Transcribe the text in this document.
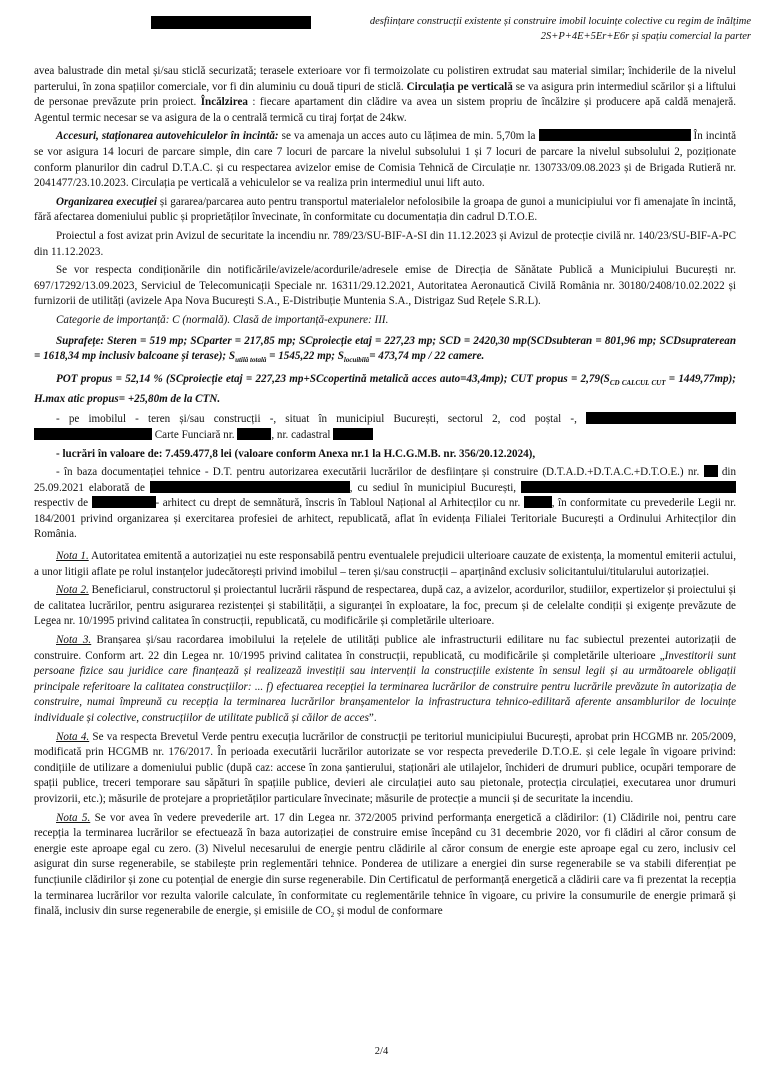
desființare construcții existente și construire imobil locuințe colective cu regim de înălțime
2S+P+4E+5Er+E6r și spațiu comercial la parter

avea balustrade din metal și/sau sticlă securizată; terasele exterioare vor fi termoizolate cu polistiren extrudat sau material similar; închiderile de la nivelul parterului, în zona spațiilor comerciale, vor fi din aluminiu cu două tipuri de sticlă. Circulația pe verticală se va asigura prin intermediul scărilor și a liftului de personae prevăzute prin proiect. Încălzirea : fiecare apartament din clădire va avea un sistem propriu de încălzire și producere apă caldă menajeră. Agentul termic necesar se va asigura de la o centrală termică cu tiraj forțat de 24kw.

Accesuri, staționarea autovehiculelor în incintă: se va amenaja un acces auto cu lățimea de min. 5,70m la	În incintă se vor asigura 14 locuri de parcare simple, din care 7 locuri de parcare la nivelul subsolului 1 și 7 locuri de parcare la nivelul subsolului 2, poziționate conform planurilor din cadrul D.T.A.C. și cu respectarea avizelor emise de Comisia Tehnică de Circulație nr. 130733/09.08.2023 și de Brigada Rutieră nr. 2041477/23.10.2023. Circulația pe verticală a vehiculelor se va realiza prin intermediul unui lift auto.

Organizarea execuției și gararea/parcarea auto pentru transportul materialelor nefolosibile la groapa de gunoi a municipiului vor fi amenajate în incintă, fără afectarea domeniului public și proprietăților învecinate, în conformitate cu documentația din cadrul D.T.O.E.

Proiectul a fost avizat prin Avizul de securitate la incendiu nr. 789/23/SU-BIF-A-SI din 11.12.2023 și Avizul de protecție civilă nr. 140/23/SU-BIF-A-PC din 11.12.2023.

Se vor respecta condiționările din notificările/avizele/acordurile/adresele emise de Direcția de Sănătate Publică a Municipiului București nr. 697/17292/13.09.2023, Serviciul de Telecomunicații Speciale nr. 16311/29.12.2021, Autoritatea Aeronautică Civilă România nr. 30180/2408/10.02.2022 și furnizorii de utilități (avizele Apa Nova București S.A., E-Distribuție Muntenia S.A., Distrigaz Sud Rețele S.R.L).

Categorie de importanță: C (normală). Clasă de importanță-expunere: III.

Suprafețe: Steren = 519 mp; SCparter = 217,85 mp; SCproiecție etaj = 227,23 mp; SCD = 2420,30 mp(SCDsubteran = 801,96 mp; SCDsupraterean = 1618,34 mp inclusiv balcoane și terase); $S_{utilă totală} = 1545,22$ mp; $S_{locuibilă}= 473,74$ mp / 22 camere.

POT propus = 52,14 % (SCproiecție etaj = 227,23 mp+SCcopertină metalică acces auto=43,4mp); CUT propus = $2,79(S_{CD CALCUL CUT} = 1449,77mp)$; H.max atic propus= +25,80m de la CTN.

- pe imobilul - teren și/sau construcții -, situat în municipiul București, sectorul 2, cod poștal -,   Carte Funciară nr.	, nr. cadastral

- lucrări în valoare de: 7.459.477,8 lei (valoare conform Anexa nr.1 la H.C.G.M.B. nr. 356/20.12.2024),

- în baza documentației tehnice - D.T. pentru autorizarea executării lucrărilor de desființare și construire (D.T.A.D.+D.T.A.C.+D.T.O.E.) nr.  din 25.09.2021 elaborată de	, cu sediul în municipiul București,  respectiv de	- arhitect cu drept de semnătură, înscris în Tabloul Național al Arhitecților cu nr.	, în conformitate cu prevederile Legii nr. 184/2001 privind organizarea și exercitarea profesiei de arhitect, republicată, aflat în evidența Filialei Teritoriale București a Ordinului Arhitecților din România.

Nota 1. Autoritatea emitentă a autorizației nu este responsabilă pentru eventualele prejudicii ulterioare cauzate de existența, la momentul emiterii actului, a unor litigii aflate pe rolul instanțelor judecătorești privind imobilul – teren și/sau construcții – aparținând exclusiv solicitantului/titularului autorizației.

Nota 2. Beneficiarul, constructorul și proiectantul lucrării răspund de respectarea, după caz, a avizelor, acordurilor, studiilor, expertizelor și proiectului și de calitatea lucrărilor, pentru asigurarea rezistenței și stabilității, a siguranței în exploatare, la foc, precum și de celelalte condiții și exigențe prevăzute de Legea nr. 10/1995 privind calitatea în construcții, republicată, cu modificările și completările ulterioare.

Nota 3. Branșarea și/sau racordarea imobilului la rețelele de utilități publice ale infrastructurii edilitare nu fac subiectul prezentei autorizații de construire. Conform art. 22 din Legea nr. 10/1995 privind calitatea în construcții, republicată, cu modificările și completările ulterioare „Investitorii sunt persoane fizice sau juridice care finanțează și realizează investiții sau intervenții la construcțiile existente în sensul legii și au următoarele obligații principale referitoare la calitatea construcțiilor: ... f) efectuarea recepției la terminarea lucrărilor de construire pentru lucrările prevăzute în autorizația de construire, numai împreună cu recepția la terminarea lucrărilor branșamentelor la infrastructura tehnico-edilitară aferente ansamblurilor de locuințe individuale și colective, construcțiilor de utilitate publică și căilor de acces”.

Nota 4. Se va respecta Brevetul Verde pentru execuția lucrărilor de construcții pe teritoriul municipiului București, aprobat prin HCGMB nr. 205/2009, modificată prin HCGMB nr. 176/2017. În perioada executării lucrărilor autorizate se vor respecta prevederile D.T.O.E. și cele legale în vigoare privind: condițiile de utilizare a domeniului public (după caz: accese în zona șantierului, staționări ale utilajelor, închideri de drumuri publice, ocupări temporare de spații publice, treceri temporare sau săpături în spațiile publice, devieri ale circulației auto sau pietonale, protecția circulației, executarea unor drumuri provizorii, etc.); măsurile de protejare a proprietăților particulare învecinate; măsurile de protecție a muncii și de securitate la incendiu.

Nota 5. Se vor avea în vedere prevederile art. 17 din Legea nr. 372/2005 privind performanța energetică a clădirilor: (1) Clădirile noi, pentru care recepția la terminarea lucrărilor se efectuează în baza autorizației de construire emise începând cu 31 decembrie 2020, vor fi clădiri al căror consum de energie este aproape egal cu zero. (3) Nivelul necesarului de energie pentru clădirile al căror consum de energie este aproape egal cu zero, inclusiv cel asigurat din surse regenerabile, se stabilește prin reglementări tehnice. Ponderea de utilizare a energiei din surse regenerabile se va stabili diferențiat pe funcțiunile clădirilor și zone cu potențial de energie din surse regenerabile. Din Certificatul de performanță energetică a clădirii care va fi prezentat la recepția la terminarea lucrărilor vor rezulta valorile calculate, în conformitate cu reglementările tehnice în vigoare, cu privire la consumurile de energie primară și finală, inclusiv din surse regenerabile de energie, și emisiile de $CO_2$ și modul de conformare

2/4
